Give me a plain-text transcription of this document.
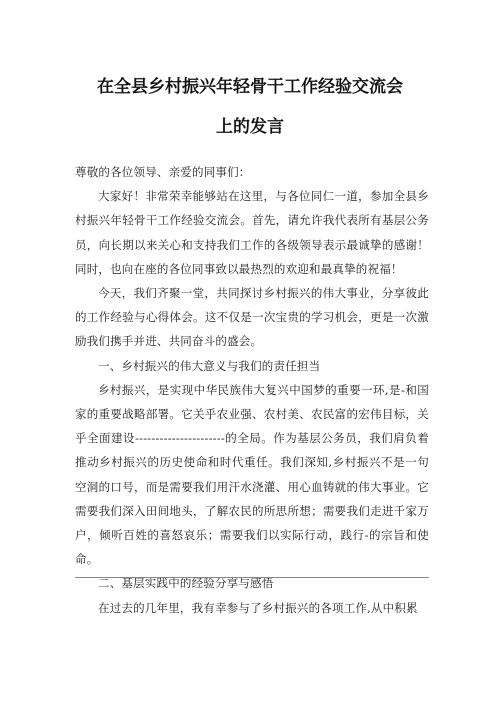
在全县乡村振兴年轻骨干工作经验交流会
上的发言

尊敬的各位领导、亲爱的同事们：

大家好！非常荣幸能够站在这里，与各位同仁一道，参加全县乡村振兴年轻骨干工作经验交流会。首先，请允许我代表所有基层公务员，向长期以来关心和支持我们工作的各级领导表示最诚挚的感谢！同时，也向在座的各位同事致以最热烈的欢迎和最真挚的祝福！

今天，我们齐聚一堂，共同探讨乡村振兴的伟大事业，分享彼此的工作经验与心得体会。这不仅是一次宝贵的学习机会，更是一次激励我们携手并进、共同奋斗的盛会。

一、乡村振兴的伟大意义与我们的责任担当

乡村振兴，是实现中华民族伟大复兴中国梦的重要一环,是-和国家的重要战略部署。它关乎农业强、农村美、农民富的宏伟目标，关乎全面建设----------------------的全局。作为基层公务员，我们肩负着推动乡村振兴的历史使命和时代重任。我们深知,乡村振兴不是一句空洞的口号，而是需要我们用汗水浇灌、用心血铸就的伟大事业。它需要我们深入田间地头，了解农民的所思所想；需要我们走进千家万户，倾听百姓的喜怒哀乐；需要我们以实际行动，践行-的宗旨和使命。

二、基层实践中的经验分享与感悟

在过去的几年里，我有幸参与了乡村振兴的各项工作,从中积累
